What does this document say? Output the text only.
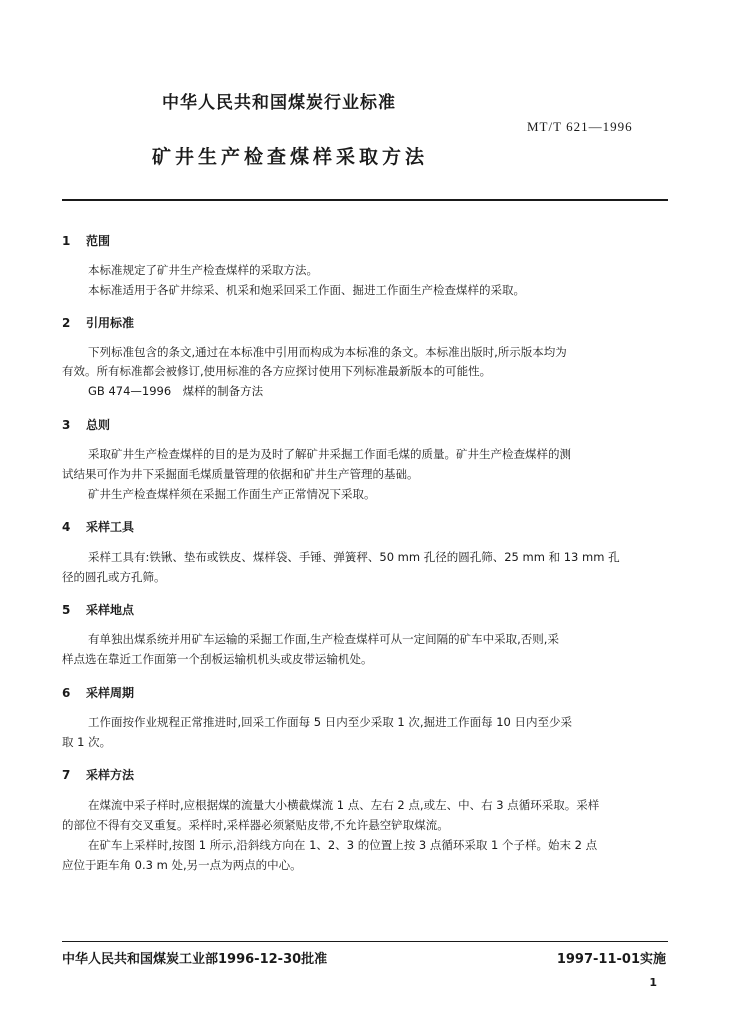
中华人民共和国煤炭行业标准
MT/T 621—1996
矿井生产检查煤样采取方法
1 范围
本标准规定了矿井生产检查煤样的采取方法。
本标准适用于各矿井综采、机采和炮采回采工作面、掘进工作面生产检查煤样的采取。
2 引用标准
下列标准包含的条文,通过在本标准中引用而构成为本标准的条文。本标准出版时,所示版本均为
有效。所有标准都会被修订,使用标准的各方应探讨使用下列标准最新版本的可能性。
GB 474—1996　煤样的制备方法
3 总则
采取矿井生产检查煤样的目的是为及时了解矿井采掘工作面毛煤的质量。矿井生产检查煤样的测
试结果可作为井下采掘面毛煤质量管理的依据和矿井生产管理的基础。
矿井生产检查煤样须在采掘工作面生产正常情况下采取。
4 采样工具
采样工具有:铁锹、垫布或铁皮、煤样袋、手锤、弹簧秤、50 mm 孔径的圆孔筛、25 mm 和 13 mm 孔
径的圆孔或方孔筛。
5 采样地点
有单独出煤系统并用矿车运输的采掘工作面,生产检查煤样可从一定间隔的矿车中采取,否则,采
样点选在靠近工作面第一个刮板运输机机头或皮带运输机处。
6 采样周期
工作面按作业规程正常推进时,回采工作面每 5 日内至少采取 1 次,掘进工作面每 10 日内至少采
取 1 次。
7 采样方法
在煤流中采子样时,应根据煤的流量大小横截煤流 1 点、左右 2 点,或左、中、右 3 点循环采取。采样
的部位不得有交叉重复。采样时,采样器必须紧贴皮带,不允许悬空铲取煤流。
在矿车上采样时,按图 1 所示,沿斜线方向在 1、2、3 的位置上按 3 点循环采取 1 个子样。始末 2 点
应位于距车角 0.3 m 处,另一点为两点的中心。
中华人民共和国煤炭工业部1996-12-30批准	1997-11-01实施
1
